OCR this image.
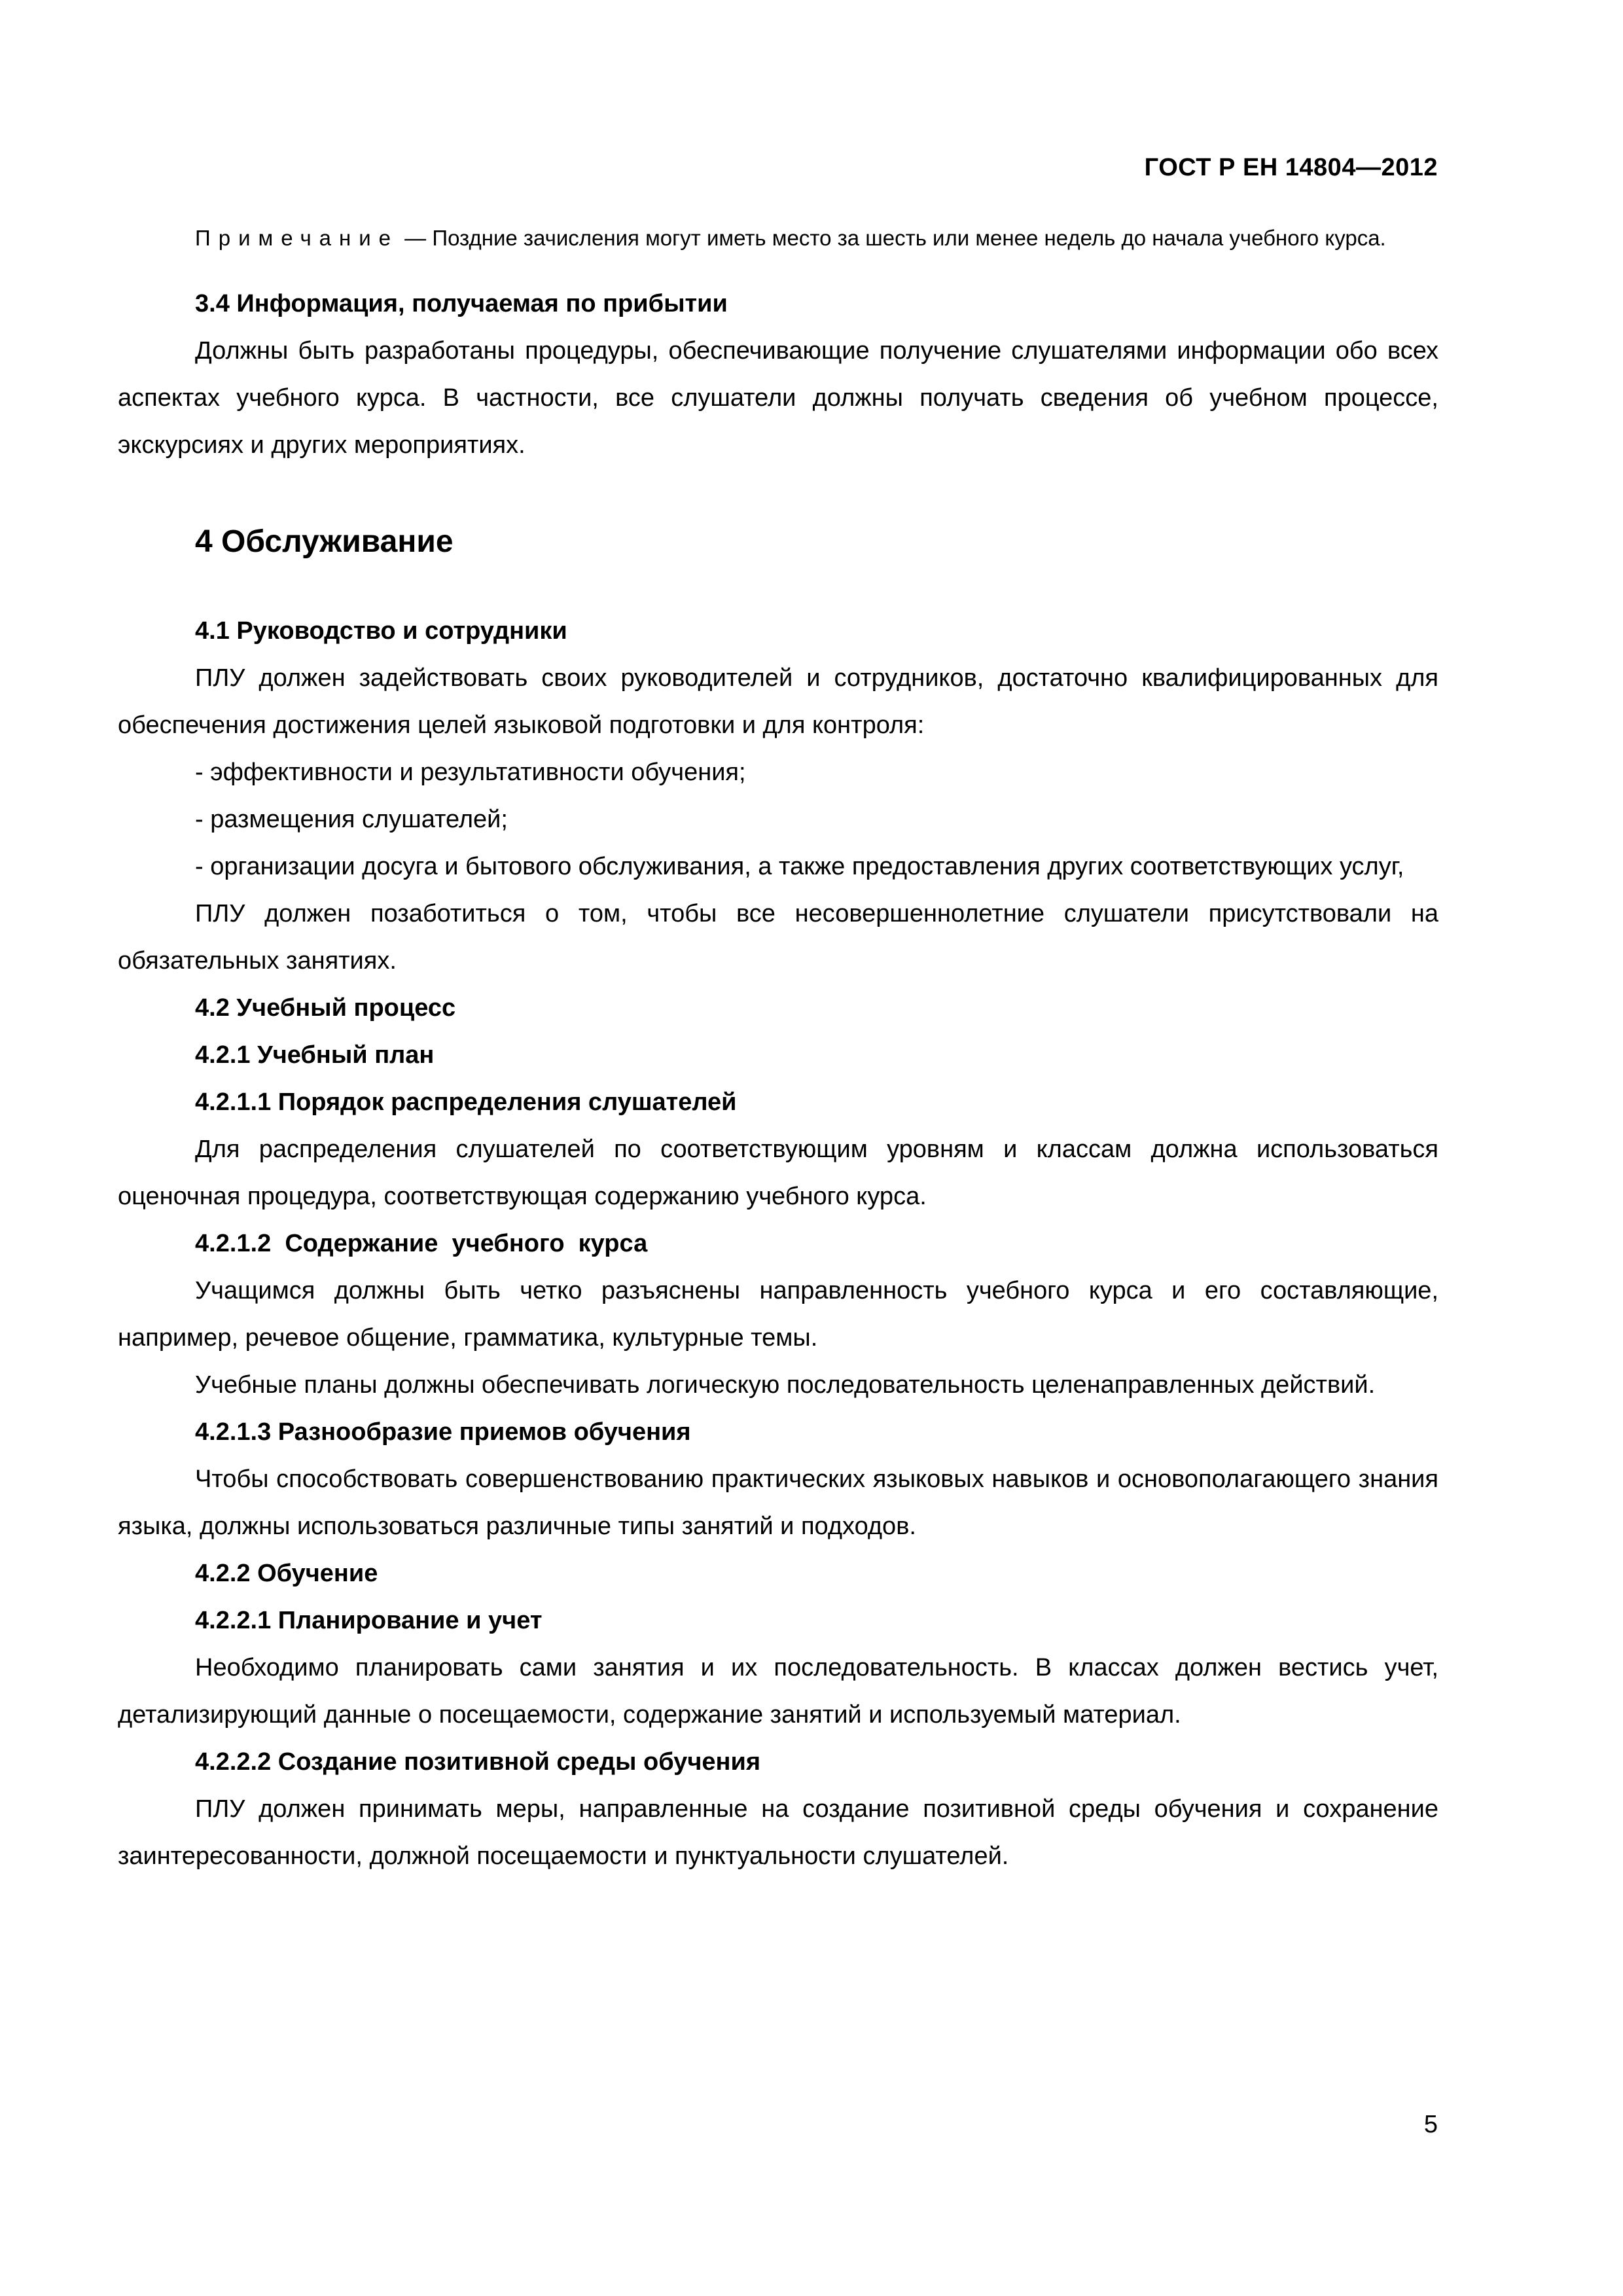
ГОСТ Р ЕН 14804—2012

Примечание — Поздние зачисления могут иметь место за шесть или менее недель до начала учебного курса.

3.4 Информация, получаемая по прибытии

Должны быть разработаны процедуры, обеспечивающие получение слушателями информации обо всех аспектах учебного курса. В частности, все слушатели должны получать сведения об учебном процессе, экскурсиях и других мероприятиях.

4 Обслуживание

4.1 Руководство и сотрудники

ПЛУ должен задействовать своих руководителей и сотрудников, достаточно квалифицированных для обеспечения достижения целей языковой подготовки и для контроля:

- эффективности и результативности обучения;

- размещения слушателей;

- организации досуга и бытового обслуживания, а также предоставления других соответствующих услуг,

ПЛУ должен позаботиться о том, чтобы все несовершеннолетние слушатели присутствовали на обязательных занятиях.

4.2 Учебный процесс

4.2.1 Учебный план

4.2.1.1 Порядок распределения слушателей

Для распределения слушателей по соответствующим уровням и классам должна использоваться оценочная процедура, соответствующая содержанию учебного курса.

4.2.1.2  Содержание  учебного  курса

Учащимся должны быть четко разъяснены направленность учебного курса и его составляющие, например, речевое общение, грамматика, культурные темы.

Учебные планы должны обеспечивать логическую последовательность целенаправленных действий.

4.2.1.3 Разнообразие приемов обучения

Чтобы способствовать совершенствованию практических языковых навыков и основополагающего знания языка, должны использоваться различные типы занятий и подходов.

4.2.2 Обучение

4.2.2.1 Планирование и учет

Необходимо планировать сами занятия и их последовательность. В классах должен вестись учет, детализирующий данные о посещаемости, содержание занятий и используемый материал.

4.2.2.2 Создание позитивной среды обучения

ПЛУ должен принимать меры, направленные на создание позитивной среды обучения и сохранение заинтересованности, должной посещаемости и пунктуальности слушателей.

5
